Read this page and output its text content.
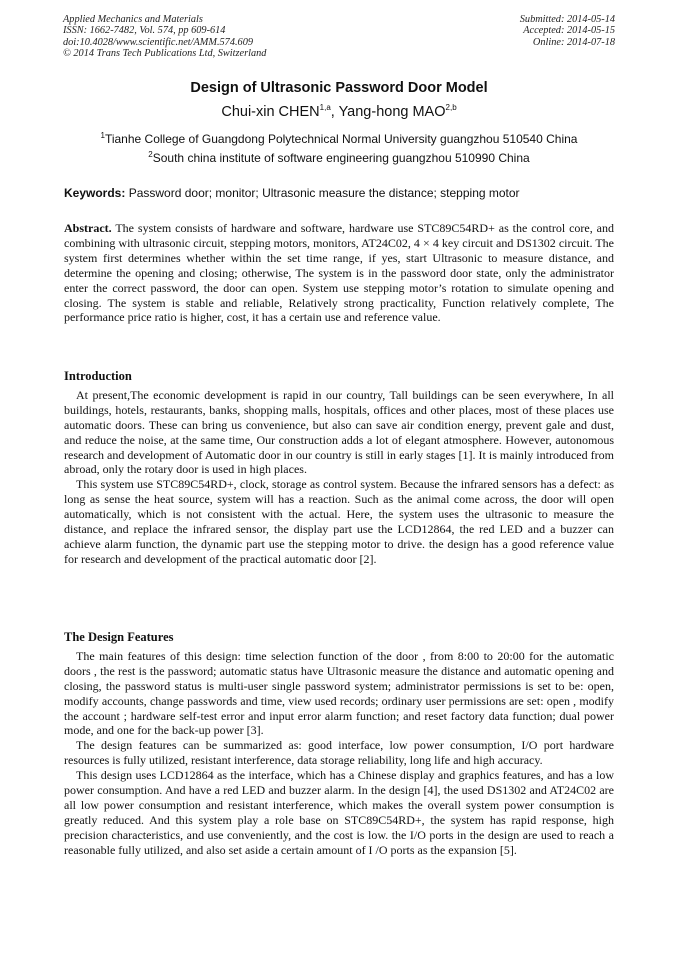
Applied Mechanics and Materials
ISSN: 1662-7482, Vol. 574, pp 609-614
doi:10.4028/www.scientific.net/AMM.574.609
© 2014 Trans Tech Publications Ltd, Switzerland
Submitted: 2014-05-14
Accepted: 2014-05-15
Online: 2014-07-18
Design of Ultrasonic Password Door Model
Chui-xin CHEN$^{1,a}$, Yang-hong MAO$^{2,b}$
$^1$Tianhe College of Guangdong Polytechnical Normal University guangzhou 510540 China
$^2$South china institute of software engineering guangzhou 510990 China
Keywords: Password door; monitor; Ultrasonic measure the distance; stepping motor

Abstract. The system consists of hardware and software, hardware use STC89C54RD+ as the control core, and combining with ultrasonic circuit, stepping motors, monitors, AT24C02, 4 × 4 key circuit and DS1302 circuit. The system first determines whether within the set time range, if yes, start Ultrasonic to measure distance, and determine the opening and closing; otherwise, The system is in the password door state, only the administrator enter the correct password, the door can open. System use stepping motor’s rotation to simulate opening and closing. The system is stable and reliable, Relatively strong practicality, Function relatively complete, The performance price ratio is higher, cost, it has a certain use and reference value.

Introduction

At present,The economic development is rapid in our country, Tall buildings can be seen everywhere, In all buildings, hotels, restaurants, banks, shopping malls, hospitals, offices and other places, most of these places use automatic doors. These can bring us convenience, but also can save air condition energy, prevent gale and dust, and reduce the noise, at the same time, Our construction adds a lot of elegant atmosphere. However, autonomous research and development of Automatic door in our country is still in early stages [1]. It is mainly introduced from abroad, only the rotary door is used in high places.

This system use STC89C54RD+, clock, storage as control system. Because the infrared sensors has a defect: as long as sense the heat source, system will has a reaction. Such as the animal come across, the door will open automatically, which is not consistent with the actual. Here, the system uses the ultrasonic to measure the distance, and replace the infrared sensor, the display part use the LCD12864, the red LED and a buzzer can achieve alarm function, the dynamic part use the stepping motor to drive. the design has a good reference value for research and development of the practical automatic door [2].

The Design Features

The main features of this design: time selection function of the door , from 8:00 to 20:00 for the automatic doors , the rest is the password; automatic status have Ultrasonic measure the distance and automatic opening and closing, the password status is multi-user single password system; administrator permissions is set to be: open, modify accounts, change passwords and time, view used records; ordinary user permissions are set: open , modify the account ; hardware self-test error and input error alarm function; and reset factory data function; dual power mode, and one for the back-up power [3].

The design features can be summarized as: good interface, low power consumption, I/O port hardware resources is fully utilized, resistant interference, data storage reliability, long life and high accuracy.

This design uses LCD12864 as the interface, which has a Chinese display and graphics features, and has a low power consumption. And have a red LED and buzzer alarm. In the design [4], the used DS1302 and AT24C02 are all low power consumption and resistant interference, which makes the overall system power consumption is greatly reduced. And this system play a role base on STC89C54RD+, the system has rapid response, high precision characteristics, and use conveniently, and the cost is low. the I/O ports in the design are used to reach a reasonable fully utilized, and also set aside a certain amount of I /O ports as the expansion [5].
